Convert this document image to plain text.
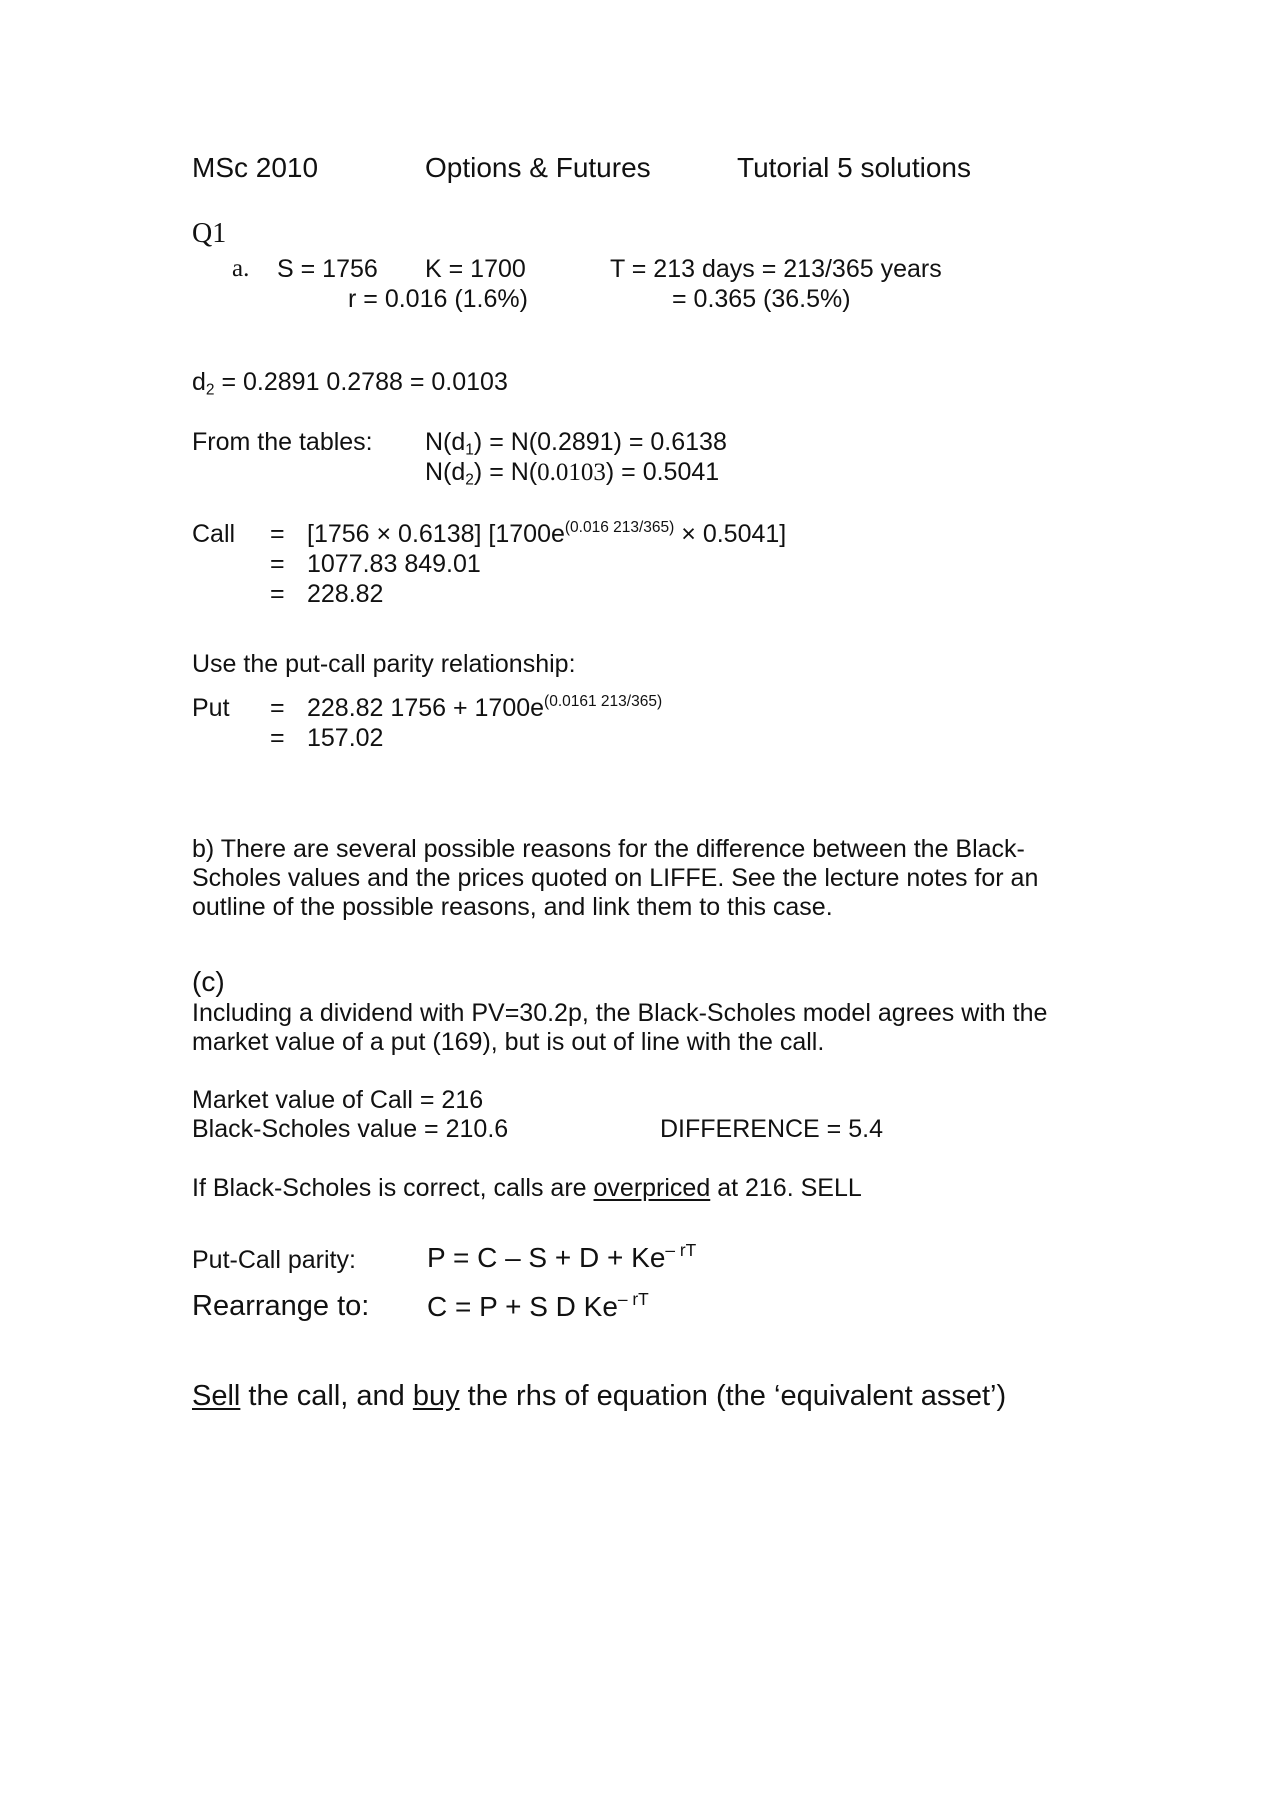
MSc 2010	Options & Futures	Tutorial 5 solutions
Q1
a. S = 1756 K = 1700	T = 213 days = 213/365 years
r = 0.016 (1.6%)	= 0.365 (36.5%)
$d_2 = 0.2891$ 0.2788 = 0.0103
From the tables: $N(d_1) = N(0.2891) = 0.6138$
$N(d_2) = N(0.0103) = 0.5041$
Call = [1756 × 0.6138] $[1700e^{(0.016 213/365)} \times 0.5041]$
= 1077.83 849.01
= 228.82
Use the put-call parity relationship:
Put = 228.82 $1756 + 1700e^{(0.0161 213/365)}$
= 157.02
b) There are several possible reasons for the difference between the Black-
Scholes values and the prices quoted on LIFFE. See the lecture notes for an
outline of the possible reasons, and link them to this case.
(c)
Including a dividend with PV=30.2p, the Black-Scholes model agrees with the
market value of a put (169), but is out of line with the call.
Market value of Call = 216
Black-Scholes value = 210.6	DIFFERENCE = 5.4
If Black-Scholes is correct, calls are overpriced at 216. SELL
Put-Call parity:	$P = C - S + D + Ke^{- rT}$
Rearrange to: C = P + S D $Ke^{- rT}$
Sell the call, and buy the rhs of equation (the ‘equivalent asset’)
